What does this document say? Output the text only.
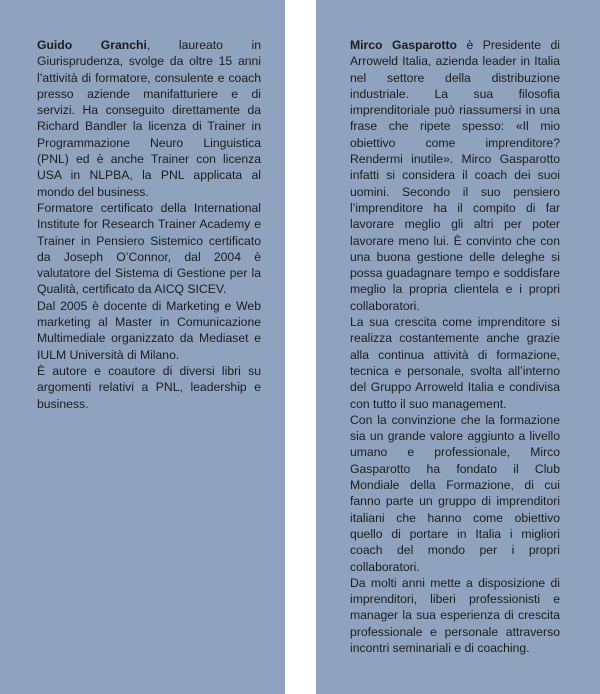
Guido Granchi, laureato in Giurisprudenza, svolge da oltre 15 anni l’attività di formatore, consulente e coach presso aziende manifatturiere e di servizi. Ha conseguito direttamente da Richard Bandler la licenza di Trainer in Programmazione Neuro Linguistica (PNL) ed è anche Trainer con licenza USA in NLPBA, la PNL applicata al mondo del business.

Formatore certificato della International Institute for Research Trainer Academy e Trainer in Pensiero Sistemico certificato da Joseph O’Connor, dal 2004 è valutatore del Sistema di Gestione per la Qualità, certificato da AICQ SICEV.

Dal 2005 è docente di Marketing e Web marketing al Master in Comunicazione Multimediale organizzato da Mediaset e IULM Università di Milano.

È autore e coautore di diversi libri su argomenti relativi a PNL, leadership e business.

Mirco Gasparotto è Presidente di Arroweld Italia, azienda leader in Italia nel settore della distribuzione industriale. La sua filosofia imprenditoriale può riassumersi in una frase che ripete spesso: «Il mio obiettivo come imprenditore? Rendermi inutile». Mirco Gasparotto infatti si considera il coach dei suoi uomini. Secondo il suo pensiero l’imprenditore ha il compito di far lavorare meglio gli altri per poter lavorare meno lui. È convinto che con una buona gestione delle deleghe si possa guadagnare tempo e soddisfare meglio la propria clientela e i propri collaboratori.

La sua crescita come imprenditore si realizza costantemente anche grazie alla continua attività di formazione, tecnica e personale, svolta all’interno del Gruppo Arroweld Italia e condivisa con tutto il suo management.

Con la convinzione che la formazione sia un grande valore aggiunto a livello umano e professionale, Mirco Gasparotto ha fondato il Club Mondiale della Formazione, di cui fanno parte un gruppo di imprenditori italiani che hanno come obiettivo quello di portare in Italia i migliori coach del mondo per i propri collaboratori.

Da molti anni mette a disposizione di imprenditori, liberi professionisti e manager la sua esperienza di crescita professionale e personale attraverso incontri seminariali e di coaching.
